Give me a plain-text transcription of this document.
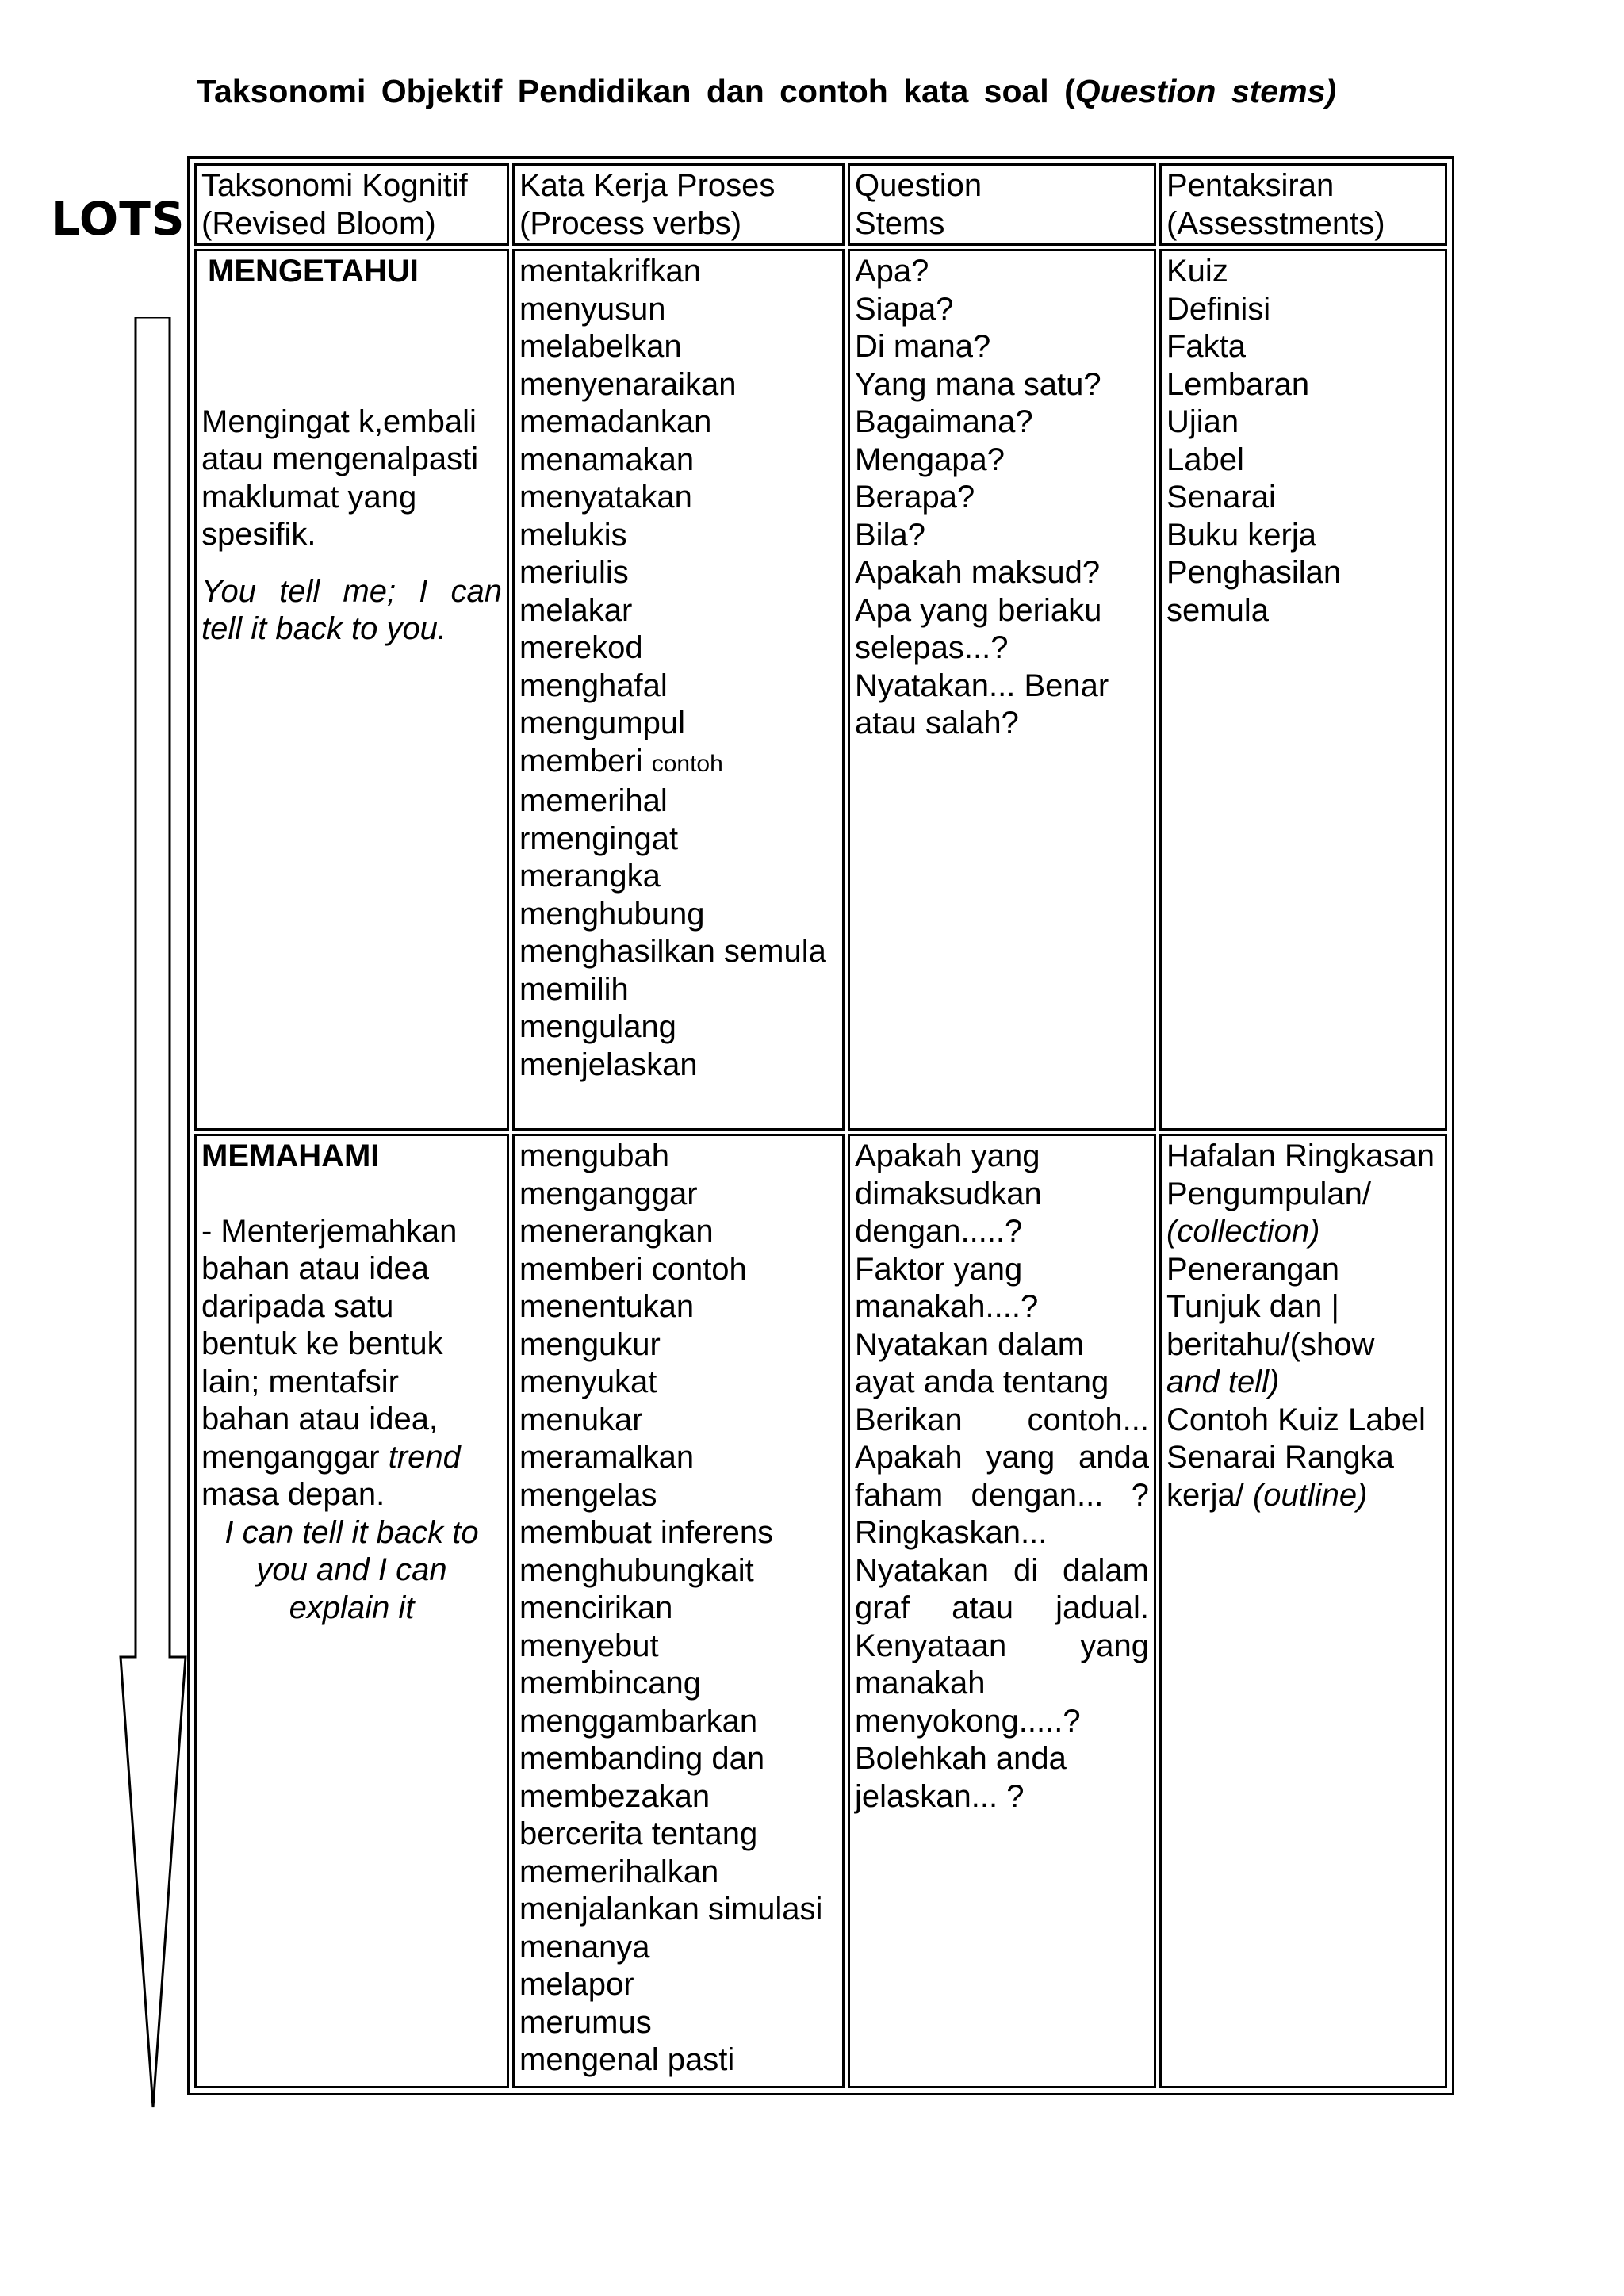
Taksonomi Objektif Pendidikan dan contoh kata soal (Question stems)
LOTS
Taksonomi Kognitif
(Revised Bloom)
Kata Kerja Proses
(Process verbs)
Question
Stems
Pentaksiran
(Assesstments)
MENGETAHUI
Mengingat k,embali
atau mengenalpasti
maklumat yang
spesifik.
You tell me; I can
tell it back to you.
mentakrifkan
menyusun
melabelkan
menyenaraikan
memadankan
menamakan
menyatakan
melukis
meriulis
melakar
merekod
menghafal
mengumpul
memberi contoh
memerihal
rmengingat
merangka
menghubung
menghasilkan semula
memilih
mengulang
menjelaskan
Apa?
Siapa?
Di mana?
Yang mana satu?
Bagaimana?
Mengapa?
Berapa?
Bila?
Apakah maksud?
Apa yang beriaku
selepas...?
Nyatakan... Benar
atau salah?
Kuiz
Definisi
Fakta
Lembaran
Ujian
Label
Senarai
Buku kerja
Penghasilan
semula
MEMAHAMI
- Menterjemahkan
bahan atau idea
daripada satu
bentuk ke bentuk
lain; mentafsir
bahan atau idea,
menganggar trend
masa depan.
I can tell it back to
you and I can
explain it
mengubah
menganggar
menerangkan
memberi contoh
menentukan
mengukur
menyukat
menukar
meramalkan
mengelas
membuat inferens
menghubungkait
mencirikan
menyebut
membincang
menggambarkan
membanding dan
membezakan
bercerita tentang
memerihalkan
menjalankan simulasi
menanya
melapor
merumus
mengenal pasti
Apakah yang
dimaksudkan
dengan.....?
Faktor yang
manakah....?
Nyatakan dalam
ayat anda tentang
Berikan contoh...
Apakah yang anda
faham dengan... ?
Ringkaskan...
Nyatakan di dalam
graf atau jadual.
Kenyataan yang
manakah
menyokong.....?
Bolehkah anda
jelaskan... ?
Hafalan Ringkasan
Pengumpulan/
(collection)
Penerangan
Tunjuk dan |
beritahu/(show
and tell)
Contoh Kuiz Label
Senarai Rangka
kerja/ (outline)
